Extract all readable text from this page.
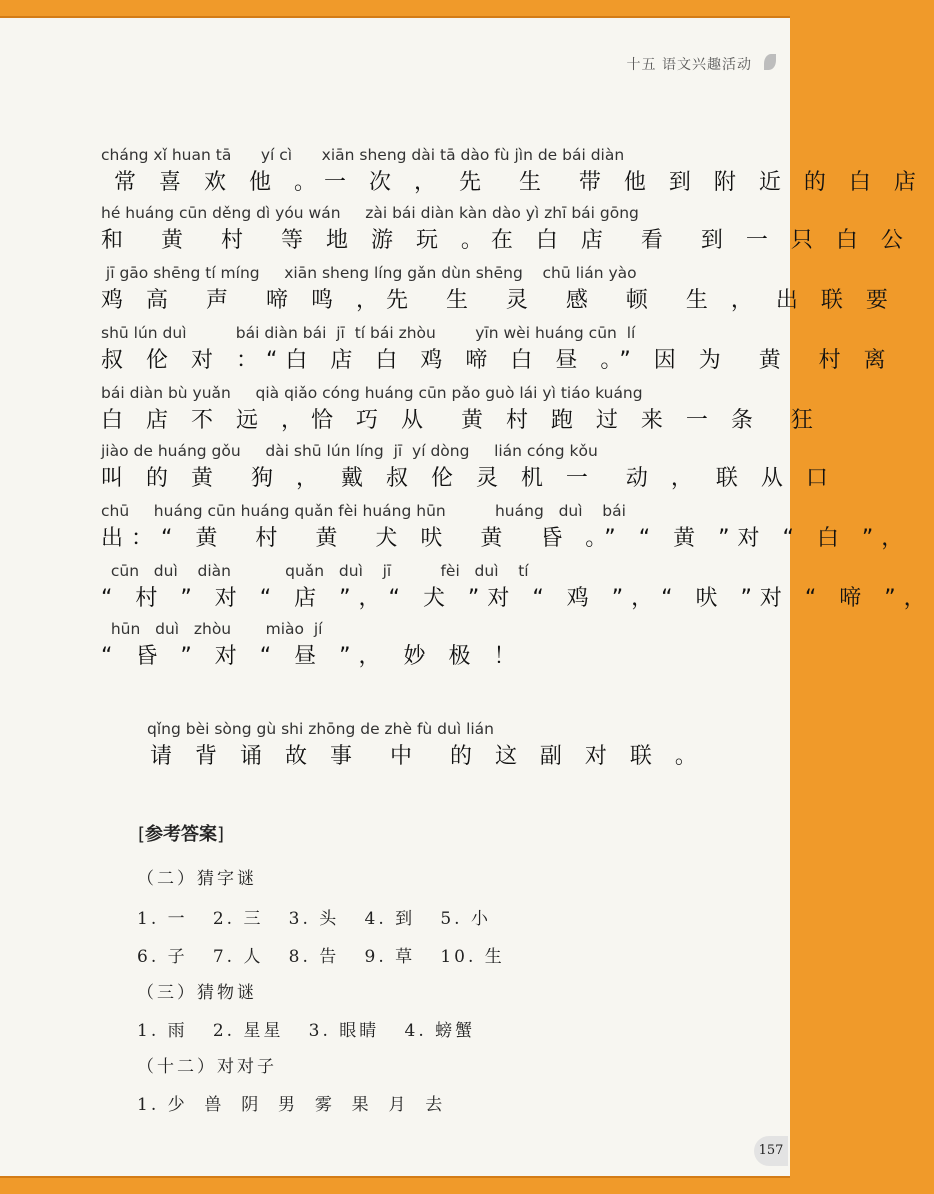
十五 语文兴趣活动
cháng xǐ huan tā      yí cì      xiān sheng dài tā dào fù jìn de bái diàn
常 喜 欢 他 。一 次 ， 先  生  带 他 到 附 近 的 白 店
hé huáng cūn děng dì yóu wán     zài bái diàn kàn dào yì zhī bái gōng
和  黄  村  等 地 游 玩 。在 白 店  看  到 一 只 白 公
jī gāo shēng tí míng     xiān sheng líng gǎn dùn shēng    chū lián yào
鸡 高  声  啼 鸣 ，先  生  灵  感  顿  生 ， 出 联 要
shū lún duì          bái diàn bái  jī  tí bái zhòu        yīn wèi huáng cūn  lí
叔 伦 对 ：“白 店 白 鸡 啼 白 昼 。” 因 为  黄  村 离
bái diàn bù yuǎn     qià qiǎo cóng huáng cūn pǎo guò lái yì tiáo kuáng
白 店 不 远 ，恰 巧 从  黄 村 跑 过 来 一 条  狂
jiào de huáng gǒu     dài shū lún líng  jī  yí dòng     lián cóng kǒu
叫 的 黄  狗 ， 戴 叔 伦 灵 机 一  动 ， 联 从 口
chū     huáng cūn huáng quǎn fèi huáng hūn          huáng   duì    bái
出：“ 黄  村  黄  犬 吠  黄  昏 。” “ 黄 ”对 “ 白 ”，
cūn   duì    diàn           quǎn   duì    jī          fèi   duì    tí
“ 村 ” 对 “ 店 ”，“ 犬 ”对 “ 鸡 ”，“ 吠 ”对 “ 啼 ”，
hūn   duì   zhòu       miào  jí
“ 昏 ” 对 “ 昼 ”， 妙 极 ！
qǐng bèi sòng gù shi zhōng de zhè fù duì lián
请 背 诵 故 事  中  的 这 副 对 联 。
[参考答案]
（二）猜字谜
1. 一   2. 三   3. 头   4. 到   5. 小
6. 子   7. 人   8. 告   9. 草   10. 生
（三）猜物谜
1. 雨   2. 星星   3. 眼睛   4. 螃蟹
（十二）对对子
1. 少  兽  阴  男  雾  果  月  去
157
